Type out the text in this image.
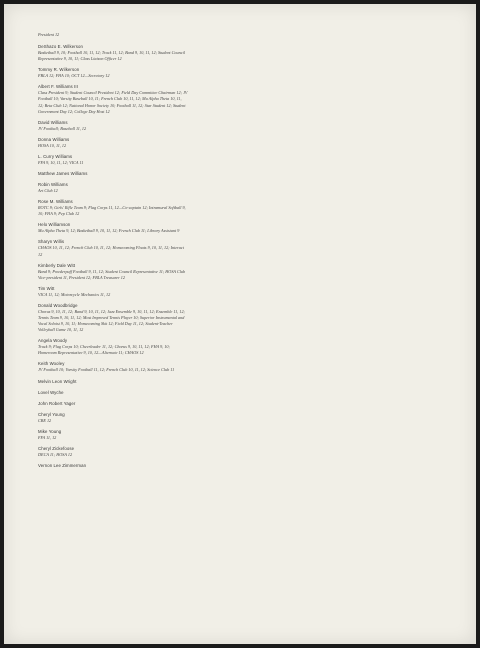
President 12
DeShazo E. Wilkerson
Basketball 9, 10; Football 10, 11, 12; Track 11, 12; Band 9, 10, 11, 12; Student Council Representative 9, 10, 11; Class Liaison Officer 12
Tommy R. Wilkerson
FBLA 12; FHA 10; OCT 12—Secretary 12
Albert F. Williams III
Class President 9; Student Council President 12; Field Day Committee Chairman 12; JV Football 10; Varsity Baseball 10, 11; French Club 10, 11, 12; Mu Alpha Theta 10, 11, 12; Beta Club 12; National Honor Society 10; Football 11, 12; Star Student 12; Student Government Day 12; College Day Host 12
David Williams
JV Football; Baseball 11, 12
Donna Williams
HOSA 10, 11, 12
L. Curry Williams
FFA 9, 10, 11, 12; VICA 11
Matthew James Williams
Robin Williams
Art Club 12
Rose M. Williams
ROTC 9; Girls' Rifle Team 9; Flag Corps 11, 12—Co-captain 12; Intramural Softball 9, 10; FHA 9; Pep Club 12
Helo Williamson
Mu Alpha Theta 9, 12; Basketball 9, 10, 11, 12; French Club 11; Library Assistant 9
Sharyn Willis
CHAOS 10, 11, 12; French Club 10, 11, 12; Homecoming Floats 9, 10, 11, 12; Interact 12
Kimberly Dale Witt
Band 9; Powderpuff Football 9, 11, 12; Student Council Representative 11; HOSA Club Vice-president 11, President 12; FBLA Treasurer 12
Tim Witt
VICA 11, 12; Motorcycle Mechanics 11, 12
Donald Woodbridge
Chorus 9, 10, 11, 12; Band 9, 10, 11, 12; Jazz Ensemble 9, 10, 11, 12; Ensemble 11, 12; Tennis Team 9, 10, 11, 12; Most Improved Tennis Player 10; Superior Instrumental and Vocal Soloist 9, 10, 11; Homecoming Skit 12; Field Day 11, 12; Student-Teacher Volleyball Game 10, 11, 12
Angela Woody
Track 9; Flag Corps 10; Cheerleader 11, 12; Chorus 9, 10, 11, 12; FHA 9, 10; Homeroom Representative 9, 10, 12—Alternate 11; CHAOS 12
Keith Wooley
JV Football 10; Varsity Football 11, 12; French Club 10, 11, 12; Science Club 11
Melvin Leon Wright
Lovel Wyche
John Robert Yager
Cheryl Young
CBE 12
Mike Young
FFA 11, 12
Cheryl Zickefoose
DECA 11; HOSA 12
Vernon Lee Zimmerman
